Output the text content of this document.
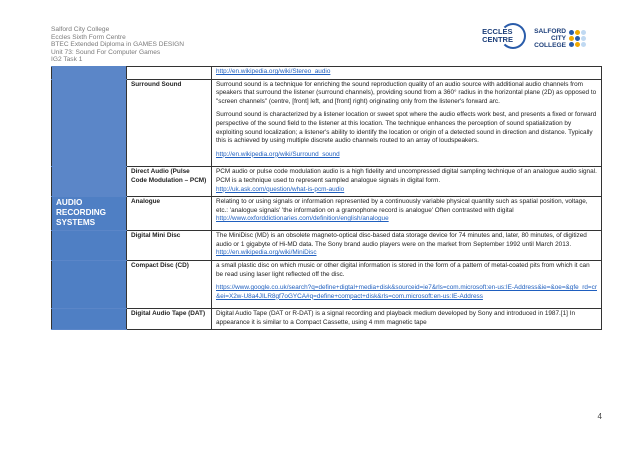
Salford City College
Eccles Sixth Form Centre
BTEC Extended Diploma in GAMES DESIGN
Unit 73: Sound For Computer Games
IG2 Task 1
ECCLES
CENTRE
SALFORD
CITY
COLLEGE
		http://en.wikipedia.org/wiki/Stereo_audio
	Surround Sound	Surround sound is a technique for enriching the sound reproduction quality of an audio source with additional audio channels from speakers that surround the listener (surround channels), providing sound from a 360° radius in the horizontal plane (2D) as opposed to "screen channels" (centre, [front] left, and [front] right) originating only from the listener's forward arc.

Surround sound is characterized by a listener location or sweet spot where the audio effects work best, and presents a fixed or forward perspective of the sound field to the listener at this location. The technique enhances the perception of sound spatialization by exploiting sound localization; a listener's ability to identify the location or origin of a detected sound in direction and distance. Typically this is achieved by using multiple discrete audio channels routed to an array of loudspeakers.

http://en.wikipedia.org/wiki/Surround_sound

	Direct Audio (Pulse Code Modulation – PCM)	PCM audio or pulse code modulation audio is a high fidelity and uncompressed digital sampling technique of an analogue audio signal. PCM is a technique used to represent sampled analogue signals in digital form.
http://uk.ask.com/question/what-is-pcm-audio

AUDIO RECORDING SYSTEMS	Analogue	Relating to or using signals or information represented by a continuously variable physical quantity such as spatial position, voltage, etc.: 'analogue signals' 'the information on a gramophone record is analogue' Often contrasted with digital
http://www.oxforddictionaries.com/definition/english/analogue
	Digital Mini Disc	The MiniDisc (MD) is an obsolete magneto-optical disc-based data storage device for 74 minutes and, later, 80 minutes, of digitized audio or 1 gigabyte of Hi-MD data. The Sony brand audio players were on the market from September 1992 until March 2013.
http://en.wikipedia.org/wiki/MiniDisc
	Compact Disc (CD)	a small plastic disc on which music or other digital information is stored in the form of a pattern of metal-coated pits from which it can be read using laser light reflected off the disc.

https://www.google.co.uk/search?q=define+digtal+media+disk&sourceid=ie7&rls=com.microsoft:en-us:IE-Address&ie=&oe=&gfe_rd=cr&ei=X2w-U8a4JILR8gf7oGYCA#q=define+compact+disk&rls=com.microsoft:en-us:IE-Address

	Digital Audio Tape (DAT)	Digital Audio Tape (DAT or R-DAT) is a signal recording and playback medium developed by Sony and introduced in 1987.[1] In appearance it is similar to a Compact Cassette, using 4 mm magnetic tape
4
